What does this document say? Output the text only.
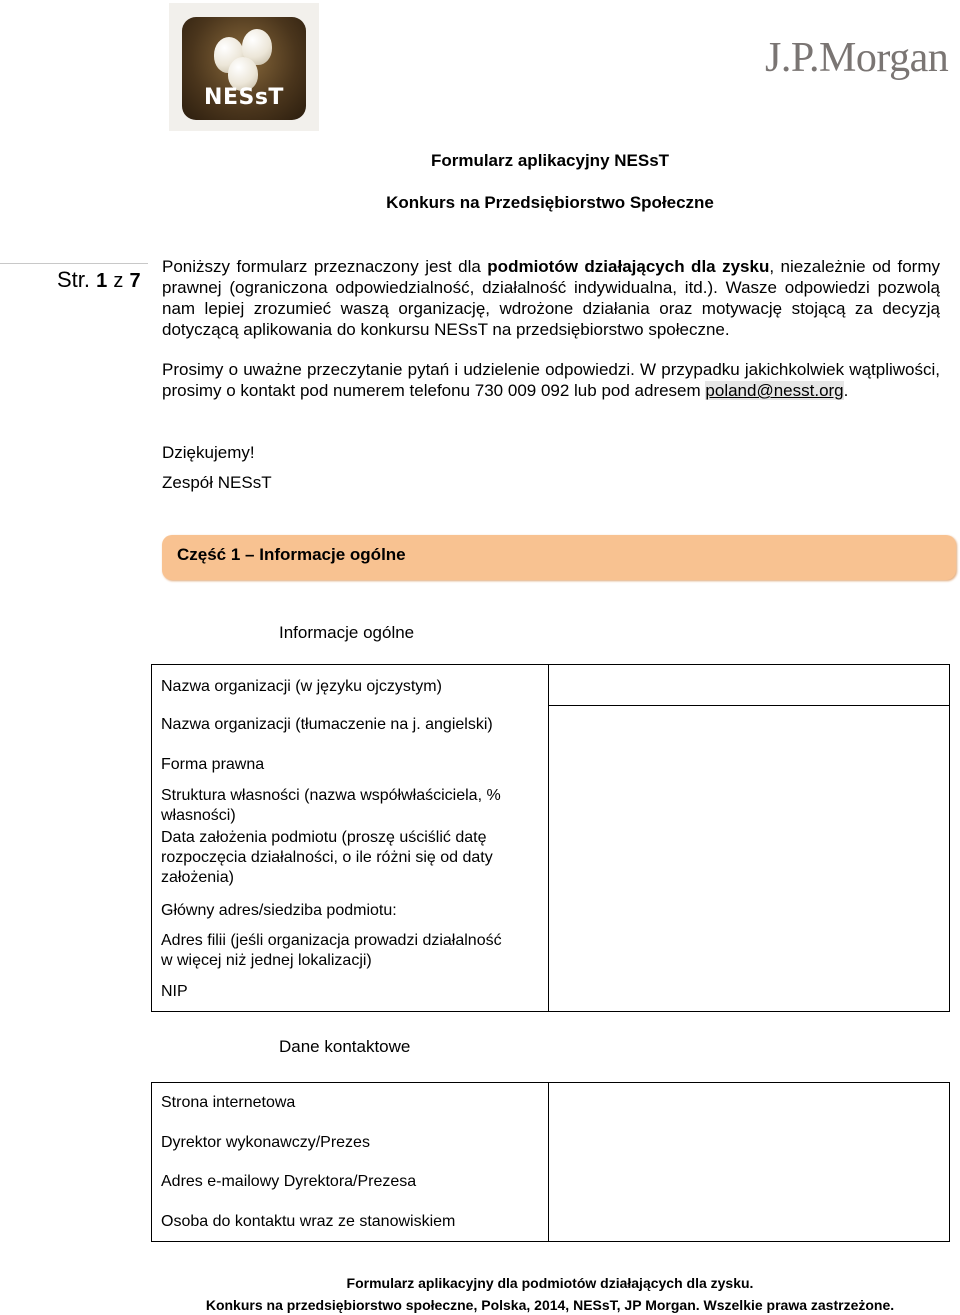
NESsT
J.P.Morgan
Formularz aplikacyjny NESsT
Konkurs na Przedsiębiorstwo Społeczne
Str. 1 z 7
Poniższy formularz przeznaczony jest dla podmiotów działających dla zysku, niezależnie od formy prawnej (ograniczona odpowiedzialność, działalność indywidualna, itd.). Wasze odpowiedzi pozwolą nam lepiej zrozumieć waszą organizację, wdrożone działania oraz motywację stojącą za decyzją dotyczącą aplikowania do konkursu NESsT na przedsiębiorstwo społeczne.
Prosimy o uważne przeczytanie pytań i udzielenie odpowiedzi. W przypadku jakichkolwiek wątpliwości, prosimy o kontakt pod numerem telefonu 730 009 092 lub pod adresem poland@nesst.org.
Dziękujemy!
Zespół NESsT
Część 1 – Informacje ogólne
Informacje ogólne
Nazwa organizacji (w języku ojczystym)
Nazwa organizacji (tłumaczenie na j. angielski)
Forma prawna
Struktura własności (nazwa współwłaściciela, % własności)
Data założenia podmiotu (proszę uściślić datę rozpoczęcia działalności, o ile różni się od daty założenia)
Główny adres/siedziba podmiotu:
Adres filii (jeśli organizacja prowadzi działalność w więcej niż jednej lokalizacji)
NIP

Dane kontaktowe
Strona internetowa
Dyrektor wykonawczy/Prezes
Adres e-mailowy Dyrektora/Prezesa
Osoba do kontaktu wraz ze stanowiskiem

Formularz aplikacyjny dla podmiotów działających dla zysku.
Konkurs na przedsiębiorstwo społeczne, Polska, 2014, NESsT, JP Morgan. Wszelkie prawa zastrzeżone.
